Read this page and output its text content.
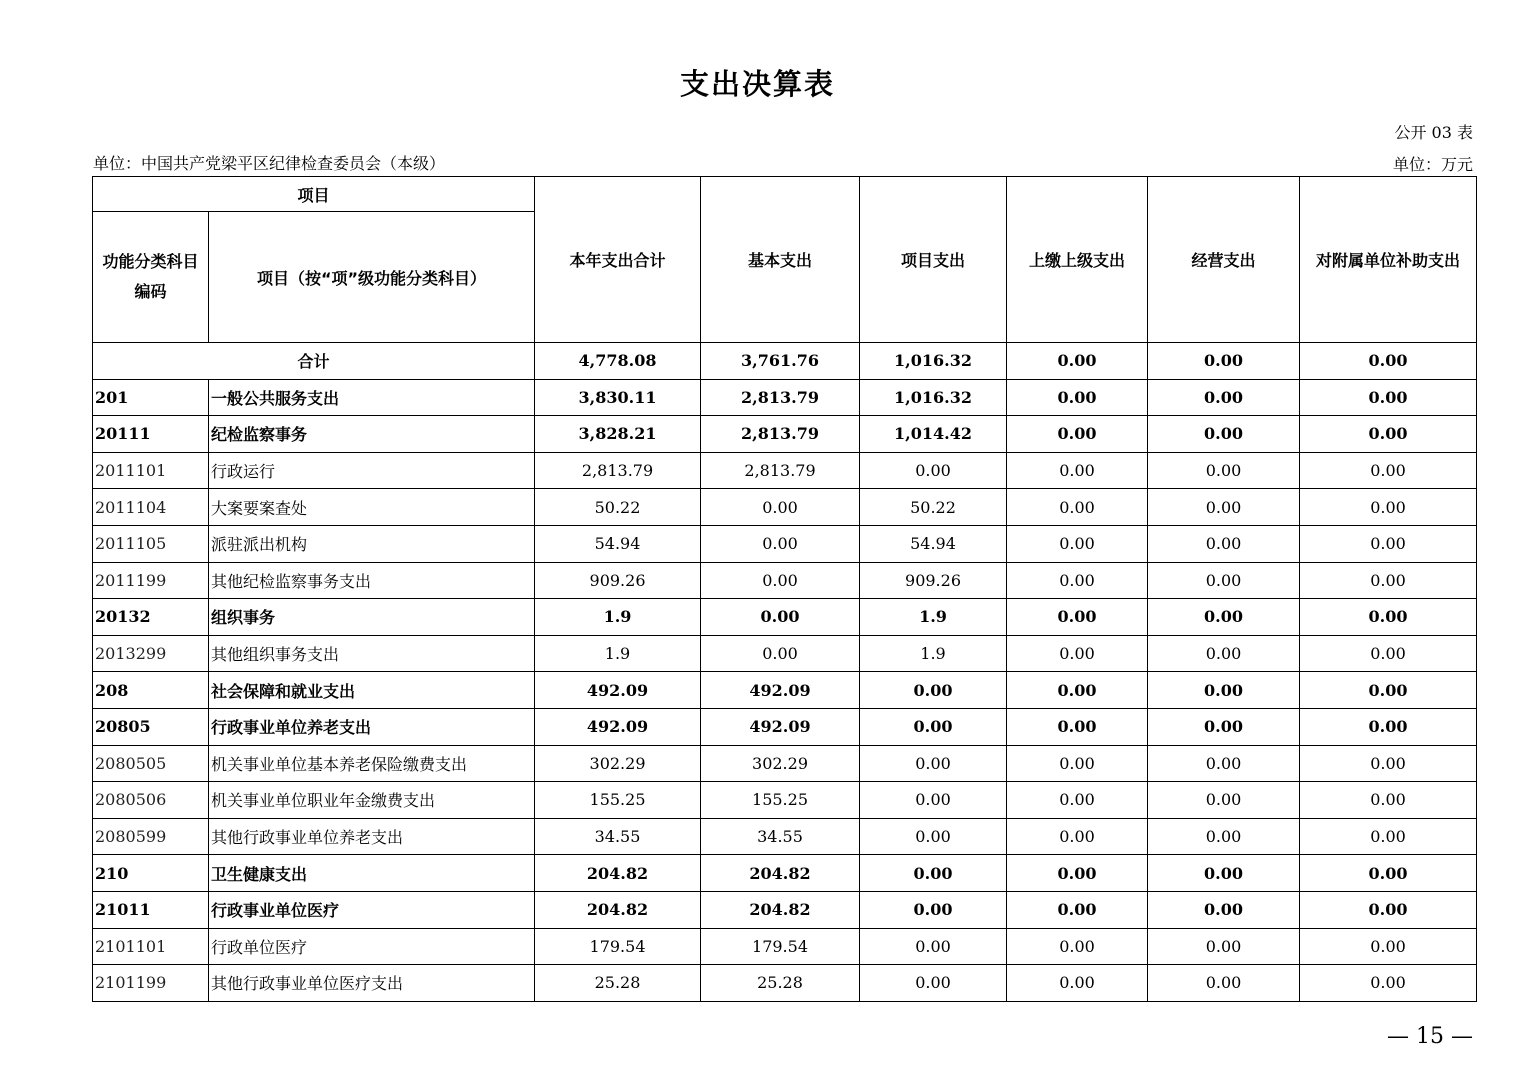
支出决算表
公开 03 表
单位：中国共产党梁平区纪律检查委员会（本级）	单位：万元
项目		本年支出合计	基本支出	项目支出	上缴上级支出	经营支出	对附属单位补助支出
功能分类科目编码	项目（按“项”级功能分类科目）						
合计		4,778.08	3,761.76	1,016.32	0.00	0.00	0.00
201	一般公共服务支出	3,830.11	2,813.79	1,016.32	0.00	0.00	0.00
20111	纪检监察事务	3,828.21	2,813.79	1,014.42	0.00	0.00	0.00
2011101	行政运行	2,813.79	2,813.79	0.00	0.00	0.00	0.00
2011104	大案要案查处	50.22	0.00	50.22	0.00	0.00	0.00
2011105	派驻派出机构	54.94	0.00	54.94	0.00	0.00	0.00
2011199	其他纪检监察事务支出	909.26	0.00	909.26	0.00	0.00	0.00
20132	组织事务	1.9	0.00	1.9	0.00	0.00	0.00
2013299	其他组织事务支出	1.9	0.00	1.9	0.00	0.00	0.00
208	社会保障和就业支出	492.09	492.09	0.00	0.00	0.00	0.00
20805	行政事业单位养老支出	492.09	492.09	0.00	0.00	0.00	0.00
2080505	机关事业单位基本养老保险缴费支出	302.29	302.29	0.00	0.00	0.00	0.00
2080506	机关事业单位职业年金缴费支出	155.25	155.25	0.00	0.00	0.00	0.00
2080599	其他行政事业单位养老支出	34.55	34.55	0.00	0.00	0.00	0.00
210	卫生健康支出	204.82	204.82	0.00	0.00	0.00	0.00
21011	行政事业单位医疗	204.82	204.82	0.00	0.00	0.00	0.00
2101101	行政单位医疗	179.54	179.54	0.00	0.00	0.00	0.00
2101199	其他行政事业单位医疗支出	25.28	25.28	0.00	0.00	0.00	0.00
— 15 —
